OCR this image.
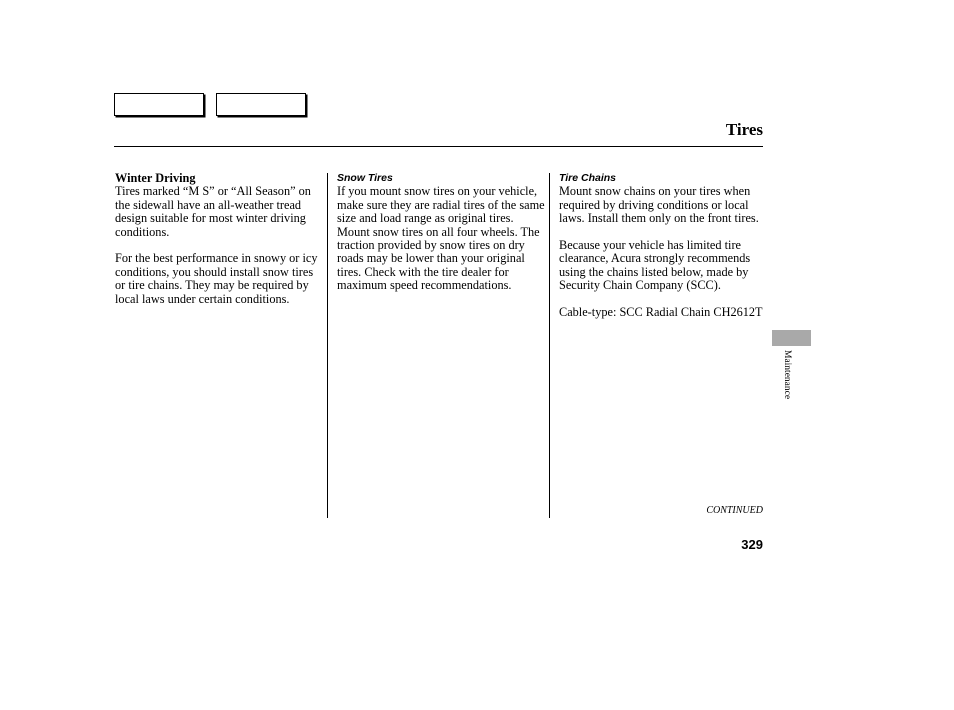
Tires
Winter Driving

Tires marked “M S” or “All Season” on the sidewall have an all-weather tread design suitable for most winter driving conditions.

For the best performance in snowy or icy conditions, you should install snow tires or tire chains. They may be required by local laws under certain conditions.

Snow Tires

If you mount snow tires on your vehicle, make sure they are radial tires of the same size and load range as original tires. Mount snow tires on all four wheels. The traction provided by snow tires on dry roads may be lower than your original tires. Check with the tire dealer for maximum speed recommendations.

Tire Chains

Mount snow chains on your tires when required by driving conditions or local laws. Install them only on the front tires.

Because your vehicle has limited tire clearance, Acura strongly recommends using the chains listed below, made by Security Chain Company (SCC).

Cable-type: SCC Radial Chain CH2612T

Maintenance
CONTINUED
329
